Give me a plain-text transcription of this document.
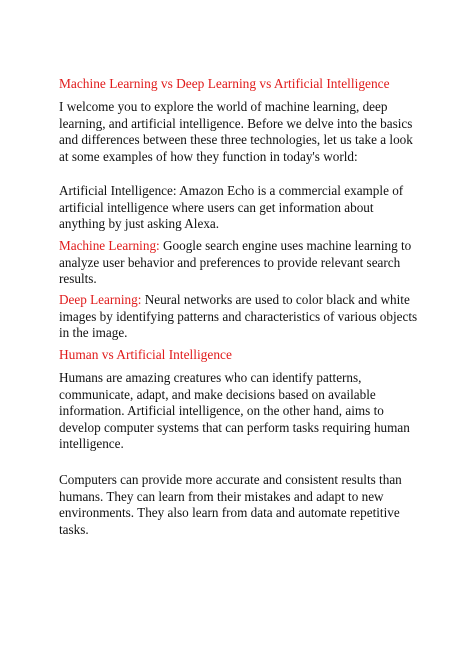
Machine Learning vs Deep Learning vs Artificial Intelligence

I welcome you to explore the world of machine learning, deep learning, and artificial intelligence. Before we delve into the basics and differences between these three technologies, let us take a look at some examples of how they function in today's world:

Artificial Intelligence: Amazon Echo is a commercial example of artificial intelligence where users can get information about anything by just asking Alexa.

Machine Learning: Google search engine uses machine learning to analyze user behavior and preferences to provide relevant search results.

Deep Learning: Neural networks are used to color black and white images by identifying patterns and characteristics of various objects in the image.

Human vs Artificial Intelligence

Humans are amazing creatures who can identify patterns, communicate, adapt, and make decisions based on available information. Artificial intelligence, on the other hand, aims to develop computer systems that can perform tasks requiring human intelligence.

Computers can provide more accurate and consistent results than humans. They can learn from their mistakes and adapt to new environments. They also learn from data and automate repetitive tasks.
